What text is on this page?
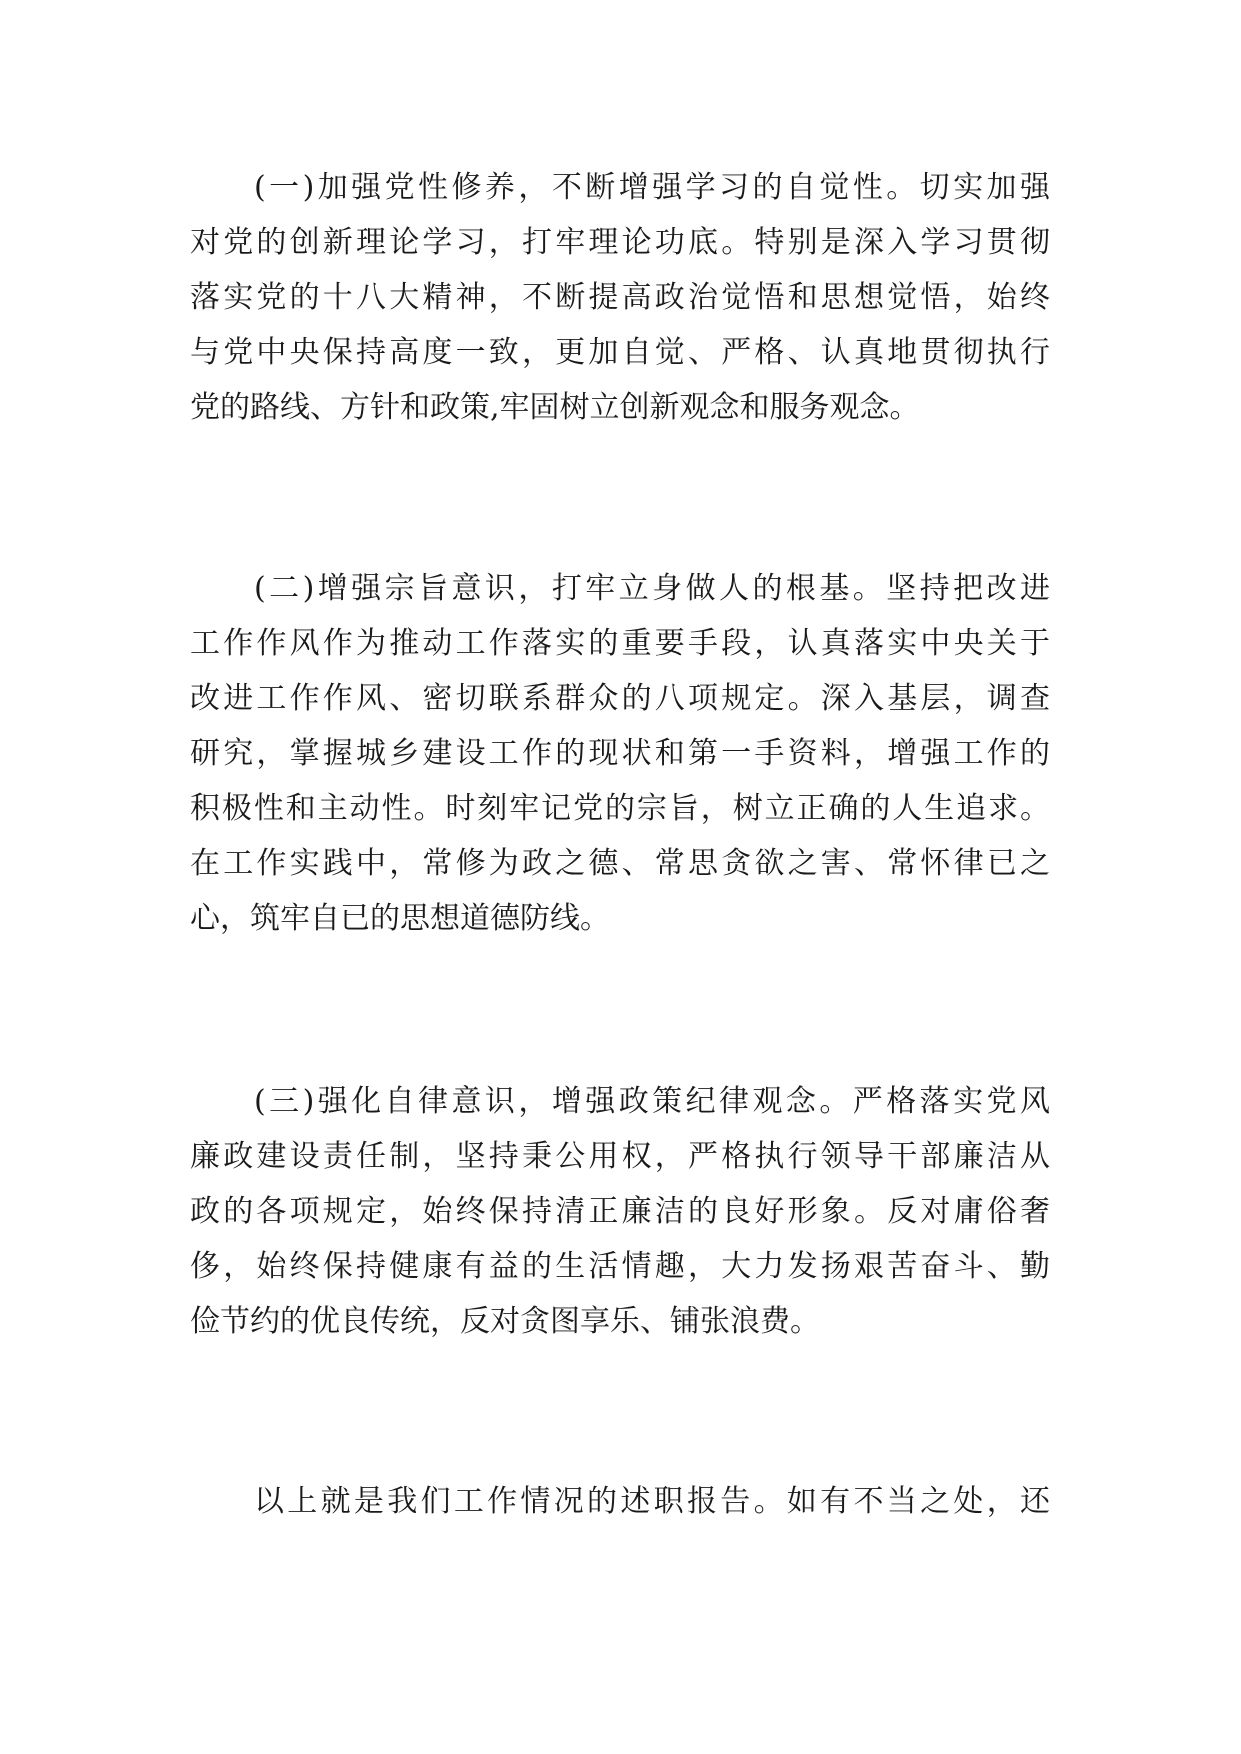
(一)加强党性修养，不断增强学习的自觉性。切实加强
对党的创新理论学习，打牢理论功底。特别是深入学习贯彻
落实党的十八大精神，不断提高政治觉悟和思想觉悟，始终
与党中央保持高度一致，更加自觉、严格、认真地贯彻执行
党的路线、方针和政策,牢固树立创新观念和服务观念。
(二)增强宗旨意识，打牢立身做人的根基。坚持把改进
工作作风作为推动工作落实的重要手段，认真落实中央关于
改进工作作风、密切联系群众的八项规定。深入基层，调查
研究，掌握城乡建设工作的现状和第一手资料，增强工作的
积极性和主动性。时刻牢记党的宗旨，树立正确的人生追求。
在工作实践中，常修为政之德、常思贪欲之害、常怀律已之
心，筑牢自已的思想道德防线。
(三)强化自律意识，增强政策纪律观念。严格落实党风
廉政建设责任制，坚持秉公用权，严格执行领导干部廉洁从
政的各项规定，始终保持清正廉洁的良好形象。反对庸俗奢
侈，始终保持健康有益的生活情趣，大力发扬艰苦奋斗、勤
俭节约的优良传统，反对贪图享乐、铺张浪费。
以上就是我们工作情况的述职报告。如有不当之处，还
